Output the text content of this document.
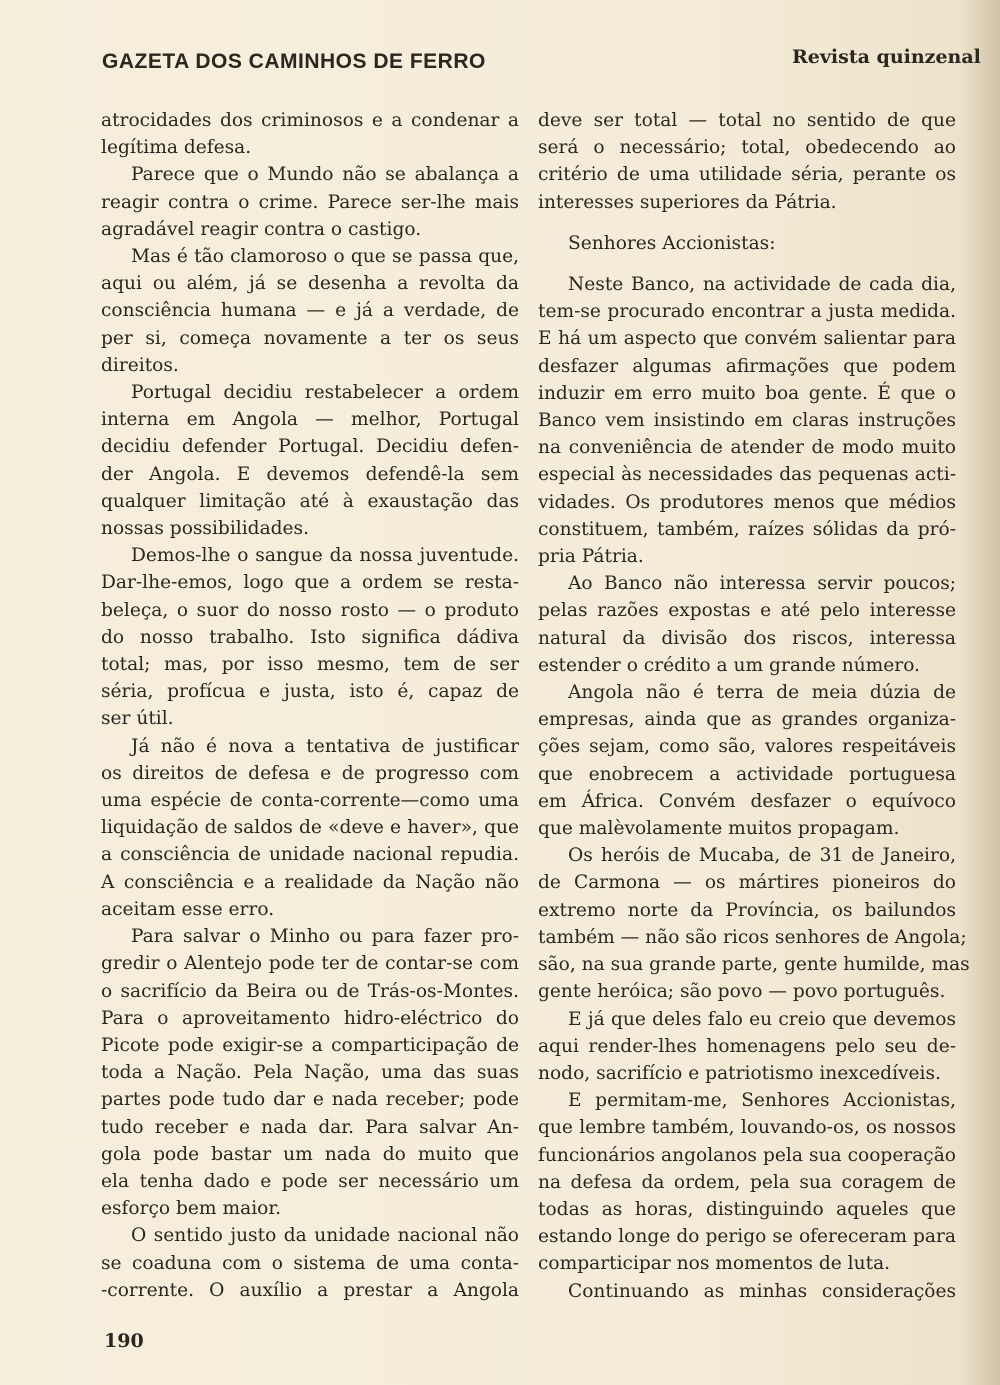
GAZETA DOS CAMINHOS DE FERRO	Revista quinzenal
atrocidades dos criminosos e a condenar a
legítima defesa.
Parece que o Mundo não se abalança a
reagir contra o crime. Parece ser-lhe mais
agradável reagir contra o castigo.
Mas é tão clamoroso o que se passa que,
aqui ou além, já se desenha a revolta da
consciência humana — e já a verdade, de
per si, começa novamente a ter os seus
direitos.
Portugal decidiu restabelecer a ordem
interna em Angola — melhor, Portugal
decidiu defender Portugal. Decidiu defen-
der Angola. E devemos defendê-la sem
qualquer limitação até à exaustação das
nossas possibilidades.
Demos-lhe o sangue da nossa juventude.
Dar-lhe-emos, logo que a ordem se resta-
beleça, o suor do nosso rosto — o produto
do nosso trabalho. Isto significa dádiva
total; mas, por isso mesmo, tem de ser
séria, profícua e justa, isto é, capaz de
ser útil.
Já não é nova a tentativa de justificar
os direitos de defesa e de progresso com
uma espécie de conta-corrente—como uma
liquidação de saldos de «deve e haver», que
a consciência de unidade nacional repudia.
A consciência e a realidade da Nação não
aceitam esse erro.
Para salvar o Minho ou para fazer pro-
gredir o Alentejo pode ter de contar-se com
o sacrifício da Beira ou de Trás-os-Montes.
Para o aproveitamento hidro-eléctrico do
Picote pode exigir-se a comparticipação de
toda a Nação. Pela Nação, uma das suas
partes pode tudo dar e nada receber; pode
tudo receber e nada dar. Para salvar An-
gola pode bastar um nada do muito que
ela tenha dado e pode ser necessário um
esforço bem maior.
O sentido justo da unidade nacional não
se coaduna com o sistema de uma conta-
-corrente. O auxílio a prestar a Angola
deve ser total — total no sentido de que
será o necessário; total, obedecendo ao
critério de uma utilidade séria, perante os
interesses superiores da Pátria.
Senhores Accionistas:
Neste Banco, na actividade de cada dia,
tem-se procurado encontrar a justa medida.
E há um aspecto que convém salientar para
desfazer algumas afirmações que podem
induzir em erro muito boa gente. É que o
Banco vem insistindo em claras instruções
na conveniência de atender de modo muito
especial às necessidades das pequenas acti-
vidades. Os produtores menos que médios
constituem, também, raízes sólidas da pró-
pria Pátria.
Ao Banco não interessa servir poucos;
pelas razões expostas e até pelo interesse
natural da divisão dos riscos, interessa
estender o crédito a um grande número.
Angola não é terra de meia dúzia de
empresas, ainda que as grandes organiza-
ções sejam, como são, valores respeitáveis
que enobrecem a actividade portuguesa
em África. Convém desfazer o equívoco
que malèvolamente muitos propagam.
Os heróis de Mucaba, de 31 de Janeiro,
de Carmona — os mártires pioneiros do
extremo norte da Província, os bailundos
também — não são ricos senhores de Angola;
são, na sua grande parte, gente humilde, mas
gente heróica; são povo — povo português.
E já que deles falo eu creio que devemos
aqui render-lhes homenagens pelo seu de-
nodo, sacrifício e patriotismo inexcedíveis.
E permitam-me, Senhores Accionistas,
que lembre também, louvando-os, os nossos
funcionários angolanos pela sua cooperação
na defesa da ordem, pela sua coragem de
todas as horas, distinguindo aqueles que
estando longe do perigo se ofereceram para
comparticipar nos momentos de luta.
Continuando as minhas considerações
190
